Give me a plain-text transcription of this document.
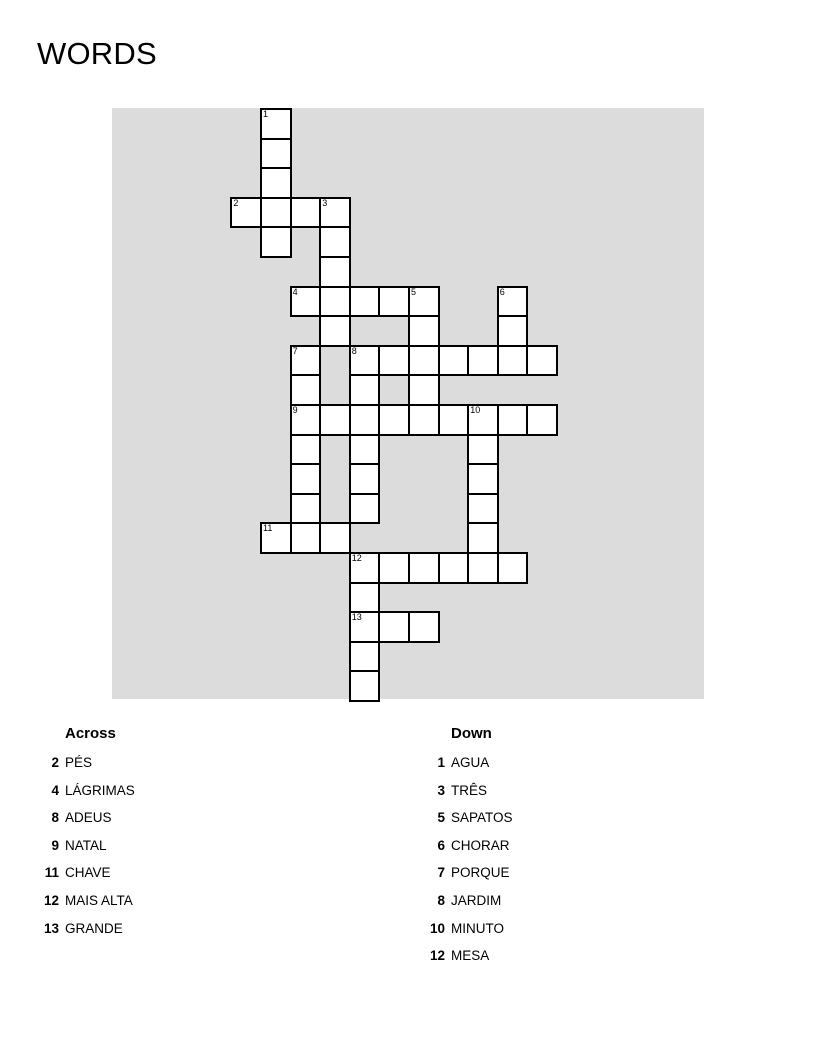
WORDS
1
2	3
4	5	6
7	8
9	10
11
12
13
Across
2 PÉS
4 LÁGRIMAS
8 ADEUS
9 NATAL
11 CHAVE
12 MAIS ALTA
13 GRANDE
Down
1 AGUA
3 TRÊS
5 SAPATOS
6 CHORAR
7 PORQUE
8 JARDIM
10 MINUTO
12 MESA
